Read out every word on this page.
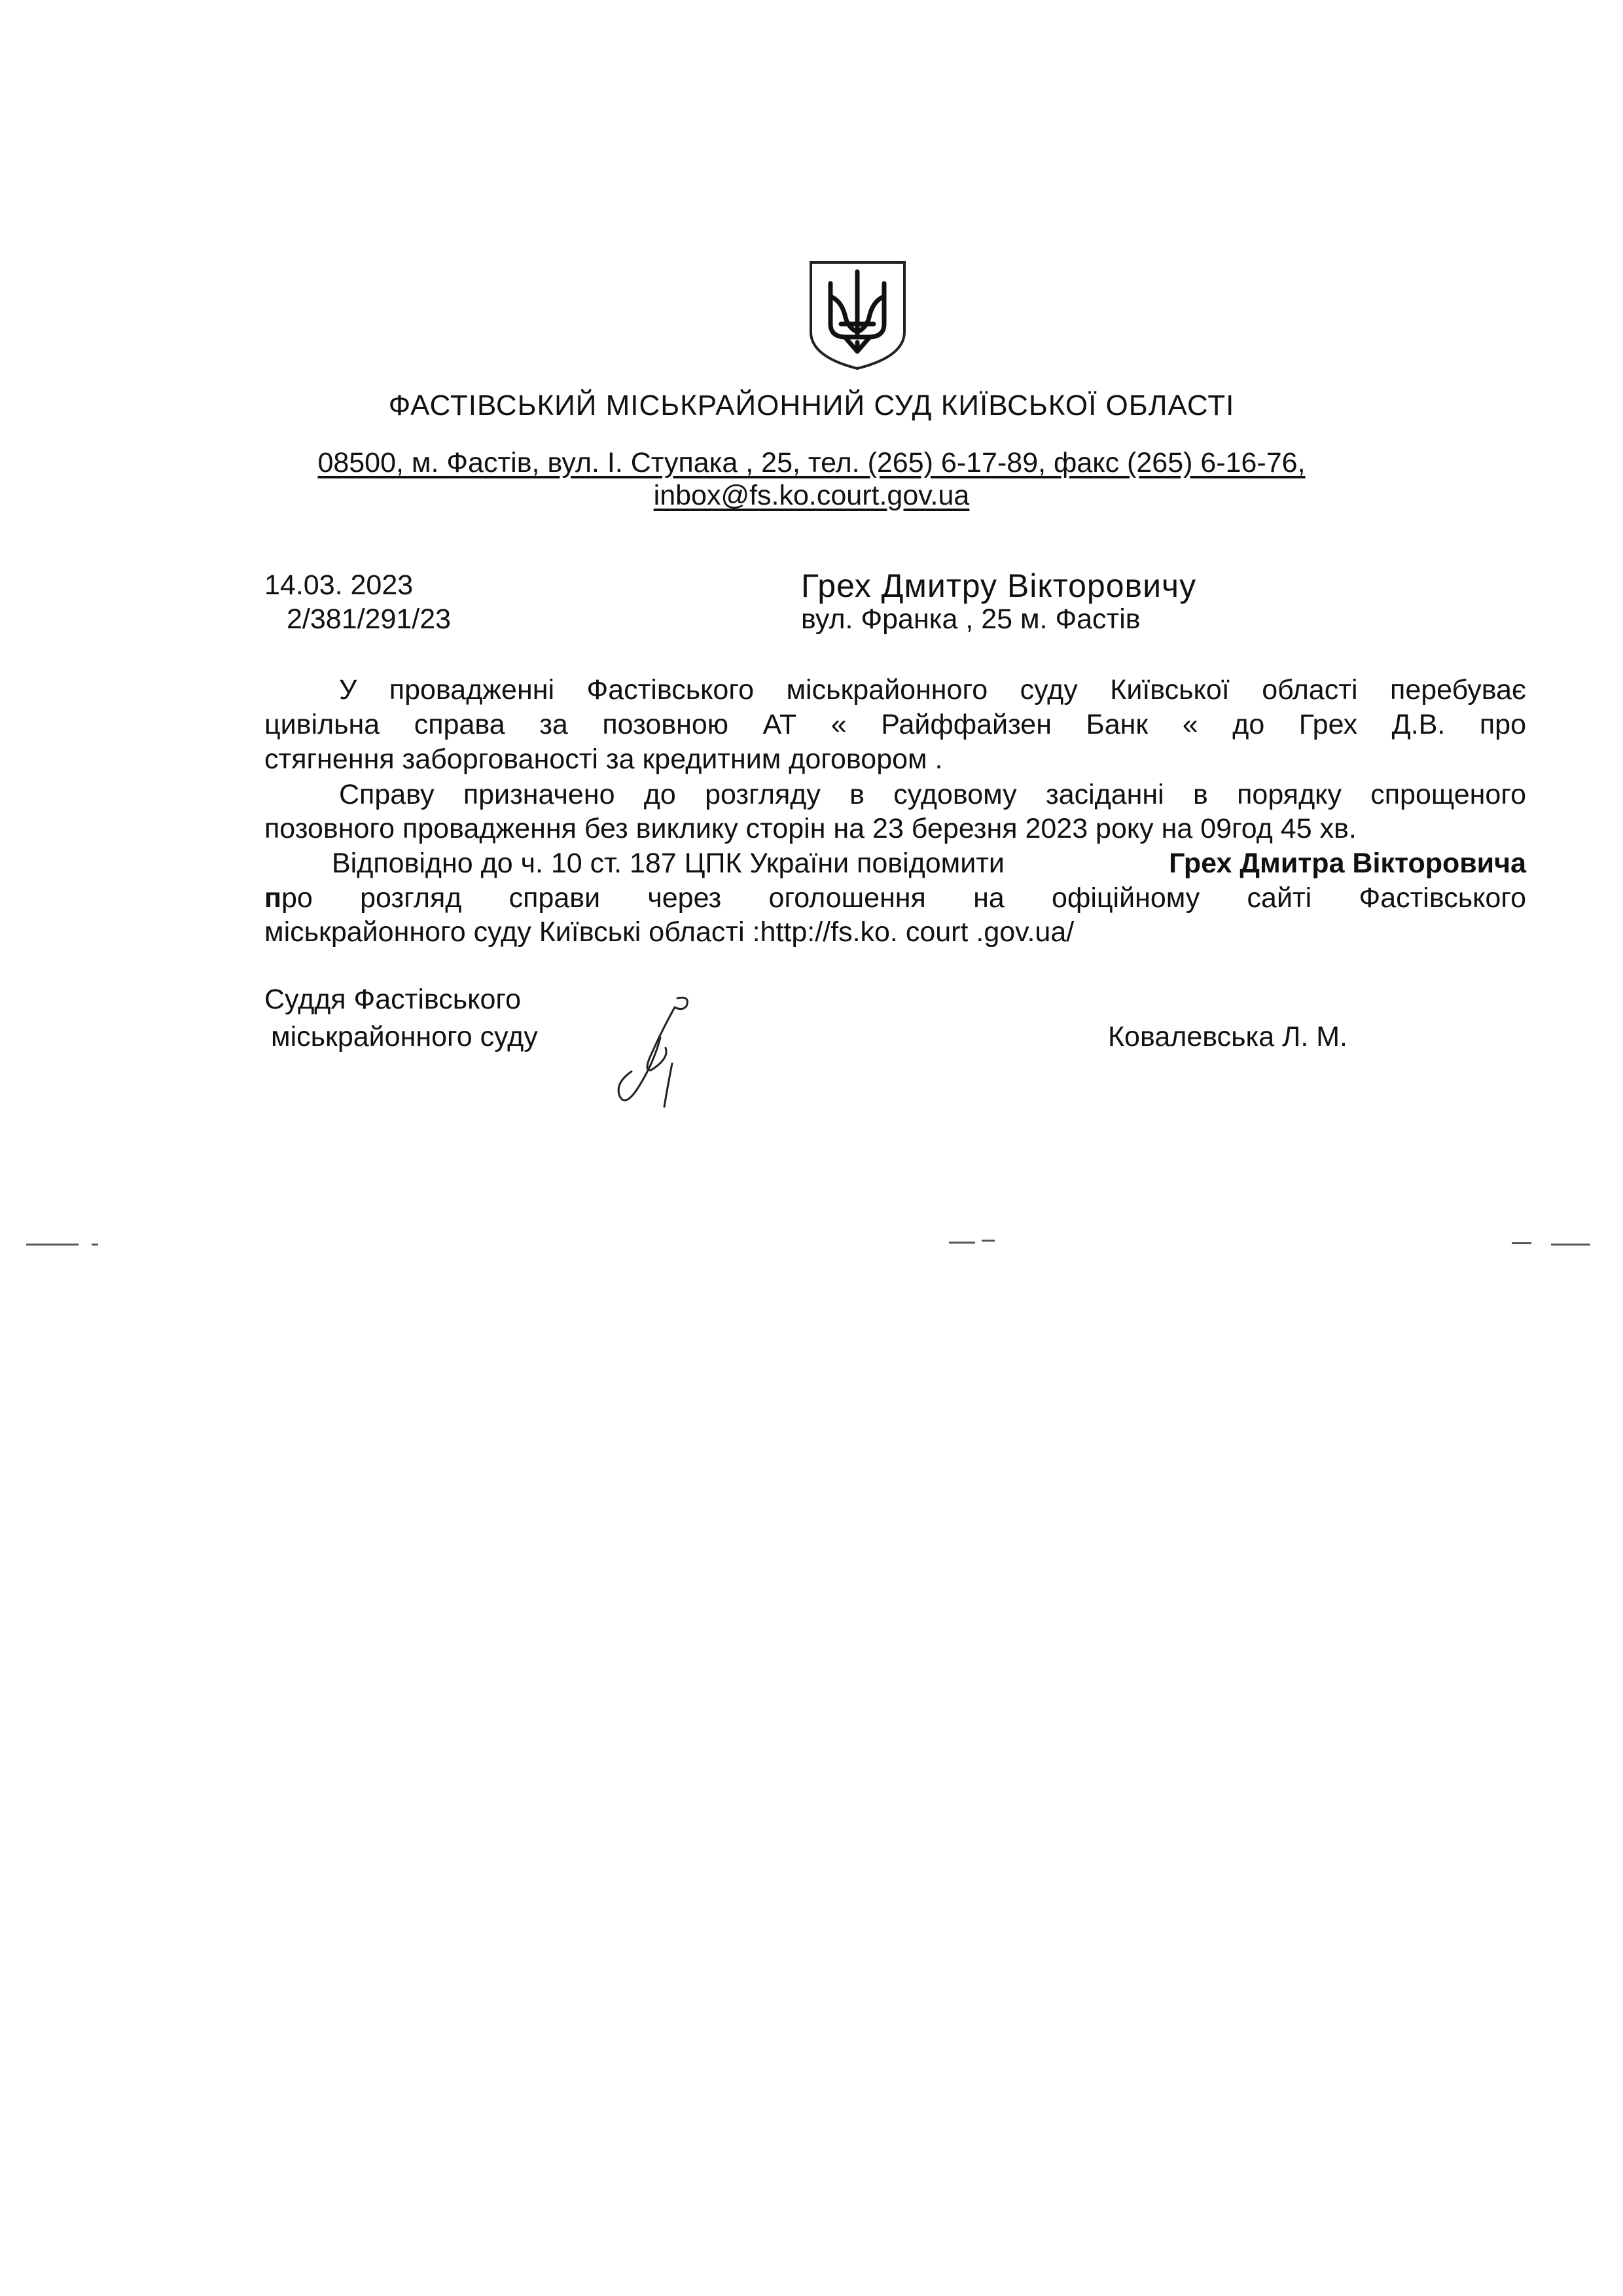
ФАСТІВСЬКИЙ МІСЬКРАЙОННИЙ СУД КИЇВСЬКОЇ ОБЛАСТІ
08500, м. Фастів, вул. І. Ступака , 25, тел. (265) 6-17-89, факс (265) 6-16-76,
inbox@fs.ko.court.gov.ua
14.03. 2023
2/381/291/23
Грех Дмитру Вікторовичу
вул. Франка , 25 м. Фастів
У провадженні Фастівського міськрайонного суду Київської області перебуває
цивільна справа за позовною АТ « Райффайзен Банк « до Грех Д.В. про
стягнення заборгованості за кредитним договором .
Справу призначено до розгляду в судовому засіданні в порядку спрощеного
позовного провадження без виклику сторін на 23 березня 2023 року на 09год 45 хв.
Відповідно до ч. 10 ст. 187 ЦПК України повідомити	Грех Дмитра Вікторовича
п ро розгляд справи через оголошення на офіційному сайті Фастівського
міськрайонного суду Київські області :http://fs.ko. court .gov.ua/
Суддя Фастівського
міськрайонного суду	Ковалевська Л. М.
